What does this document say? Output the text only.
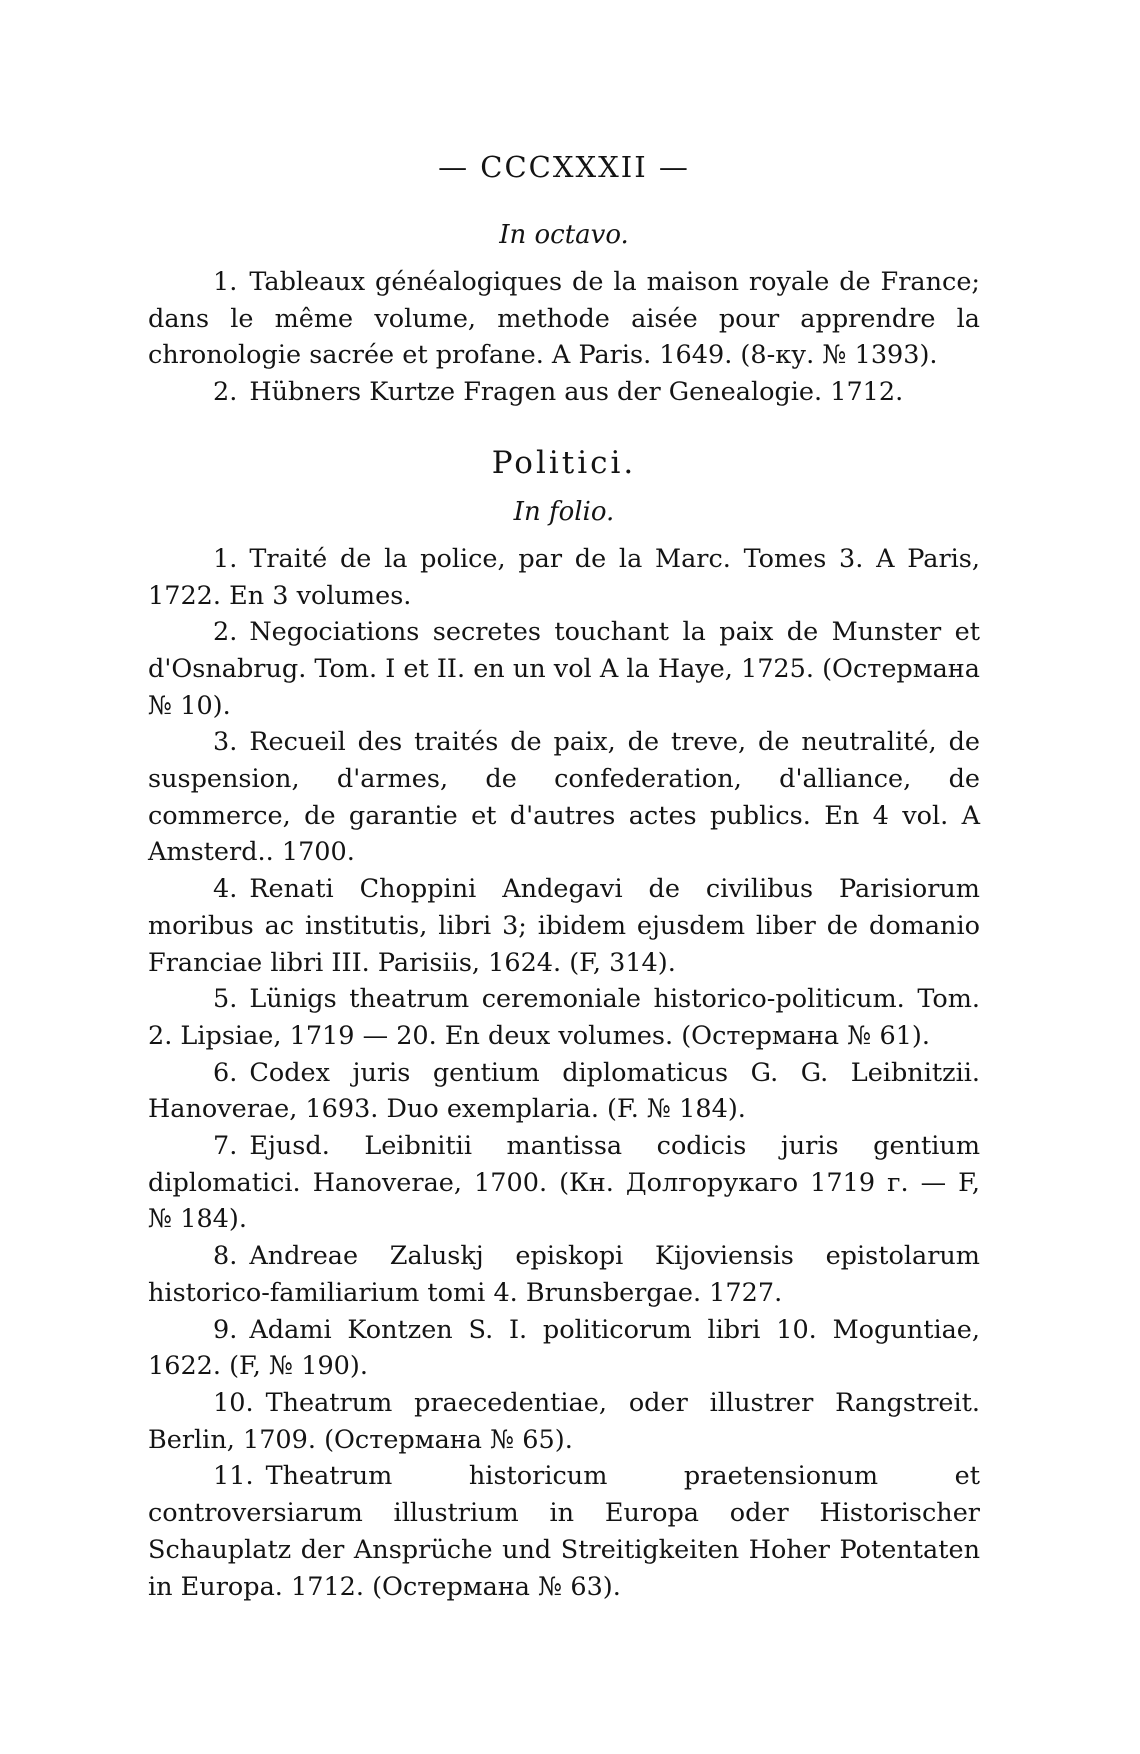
— CCCXXXII —
In octavo.
1. Tableaux généalogiques de la maison royale de France; dans le même volume, methode aisée pour apprendre la chronologie sacrée et profane. A Paris. 1649. (8-ку. № 1393).
2. Hübners Kurtze Fragen aus der Genealogie. 1712.
Politici.
In folio.
1. Traité de la police, par de la Marc. Tomes 3. A Paris, 1722. En 3 volumes.
2. Negociations secretes touchant la paix de Munster et d'Osnabrug. Tom. I et II. en un vol A la Haye, 1725. (Остермана № 10).
3. Recueil des traités de paix, de treve, de neutralité, de suspension, d'armes, de confederation, d'alliance, de commerce, de garantie et d'autres actes publics. En 4 vol. A Amsterd.. 1700.
4. Renati Choppini Andegavi de civilibus Parisiorum moribus ac institutis, libri 3; ibidem ejusdem liber de domanio Franciae libri III. Parisiis, 1624. (F, 314).
5. Lünigs theatrum ceremoniale historico-politicum. Tom. 2. Lipsiae, 1719 — 20. En deux volumes. (Остермана № 61).
6. Codex juris gentium diplomaticus G. G. Leibnitzii. Hanoverae, 1693. Duo exemplaria. (F. № 184).
7. Ejusd. Leibnitii mantissa codicis juris gentium diplomatici. Hanoverae, 1700. (Кн. Долгорукаго 1719 г. — F, № 184).
8. Andreae Zaluskj episkopi Kijoviensis epistolarum historico-familiarium tomi 4. Brunsbergae. 1727.
9. Adami Kontzen S. I. politicorum libri 10. Moguntiae, 1622. (F, № 190).
10. Theatrum praecedentiae, oder illustrer Rangstreit. Berlin, 1709. (Остермана № 65).
11. Theatrum historicum praetensionum et controversiarum illustrium in Europa oder Historischer Schauplatz der Ansprüche und Streitigkeiten Hoher Potentaten in Europa. 1712. (Остермана № 63).
